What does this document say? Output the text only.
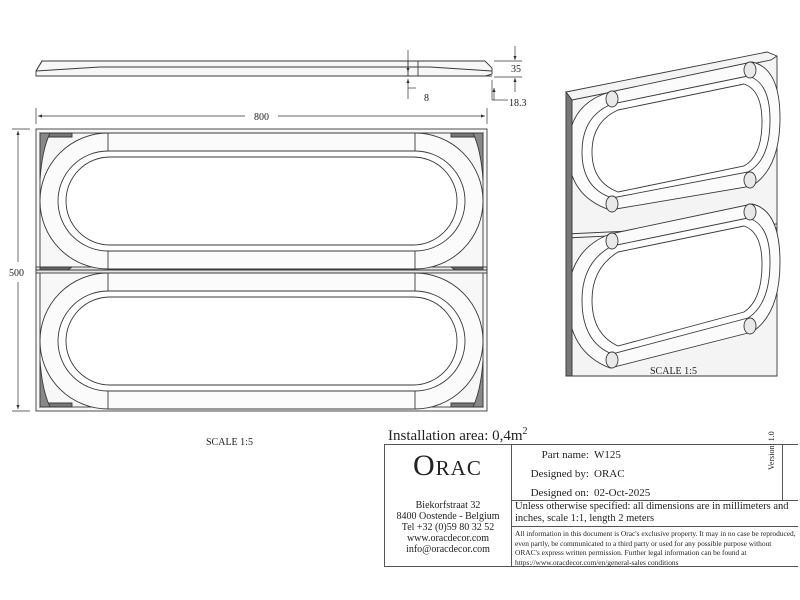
35
8	18.3
800
500
SCALE 1:5
SCALE 1:5
Installation area: $0,4m^2$
Orac
Biekorfstraat 32
8400 Oostende - Belgium
Tel +32 (0)59 80 32 52
www.oracdecor.com
info@oracdecor.com
Part name: W125
Designed by: ORAC
Designed on: 02-Oct-2025
Unless otherwise specified: all dimensions are in millimeters and inches, scale 1:1, length 2 meters
All information in this document is Orac's exclusive property. It may in no case be reproduced, even partly, be communicated to a third party or used for any possible purpose without ORAC's express written permission. Further legal information can be found at https://www.oracdecor.com/en/general-sales conditions
Version: 1.0
